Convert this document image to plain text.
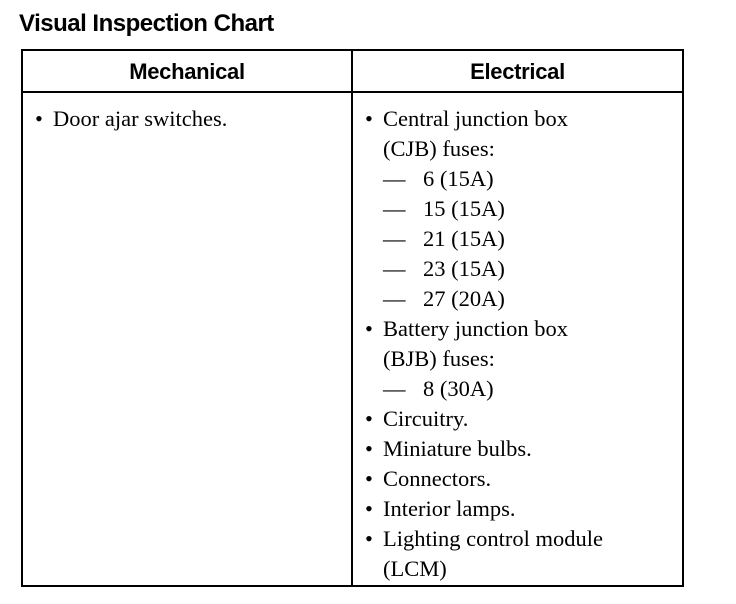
Visual Inspection Chart
Mechanical	Electrical
• Door ajar switches.	• Central junction box
(CJB) fuses:
— 6 (15A)
— 15 (15A)
— 21 (15A)
— 23 (15A)
— 27 (20A)
• Battery junction box
(BJB) fuses:
— 8 (30A)
• Circuitry.
• Miniature bulbs.
• Connectors.
• Interior lamps.
• Lighting control module
(LCM)
